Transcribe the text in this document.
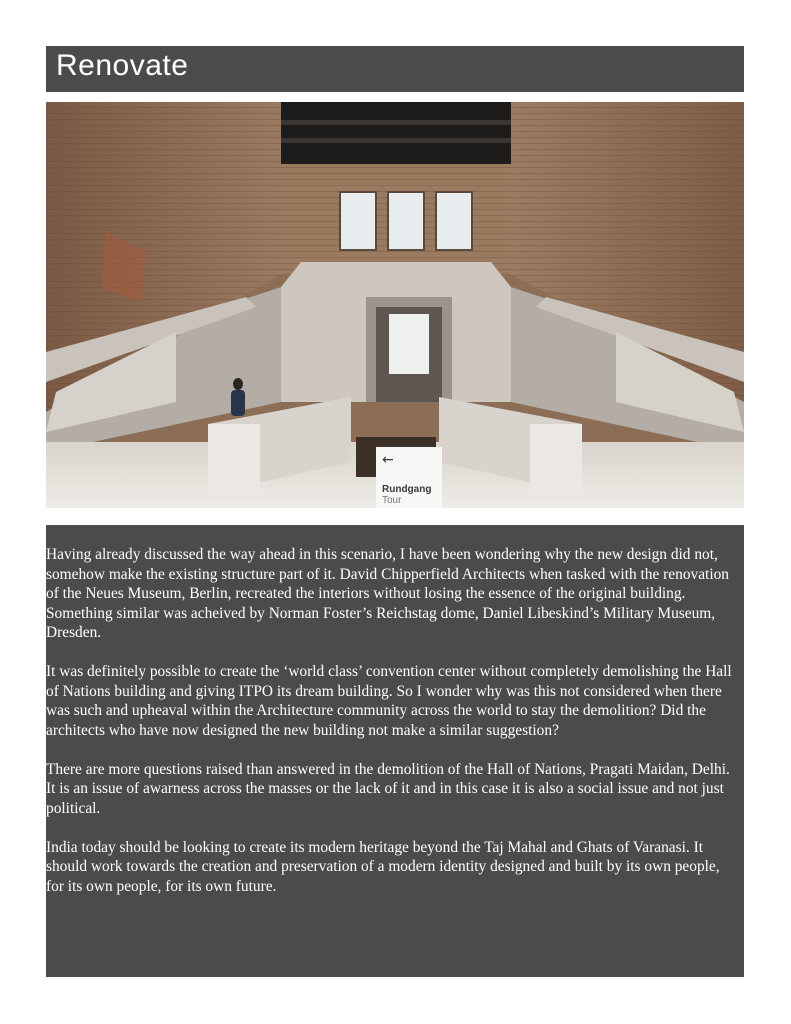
Renovate
←
Rundgang
Tour

Having already discussed the way ahead in this scenario, I have been wondering why the new design did not, somehow make the existing structure part of it. David Chipperfield Architects when tasked with the renovation of the Neues Museum, Berlin, recreated the interiors without losing the essence of the original building. Something similar was acheived by Norman Foster’s Reichstag dome, Daniel Libeskind’s Military Museum, Dresden.

It was definitely possible to create the ‘world class’ convention center without completely demolishing the Hall of Nations building and giving ITPO its dream building. So I wonder why was this not considered when there was such and upheaval within the Architecture community across the world to stay the demolition? Did the architects who have now designed the new building not make a similar suggestion?

There are more questions raised than answered in the demolition of the Hall of Nations, Pragati Maidan, Delhi. It is an issue of awarness across the masses or the lack of it and in this case it is also a social issue and not just political.

India today should be looking to create its modern heritage beyond the Taj Mahal and Ghats of Varanasi. It should work towards the creation and preservation of a modern identity designed and built by its own people, for its own people, for its own future.
